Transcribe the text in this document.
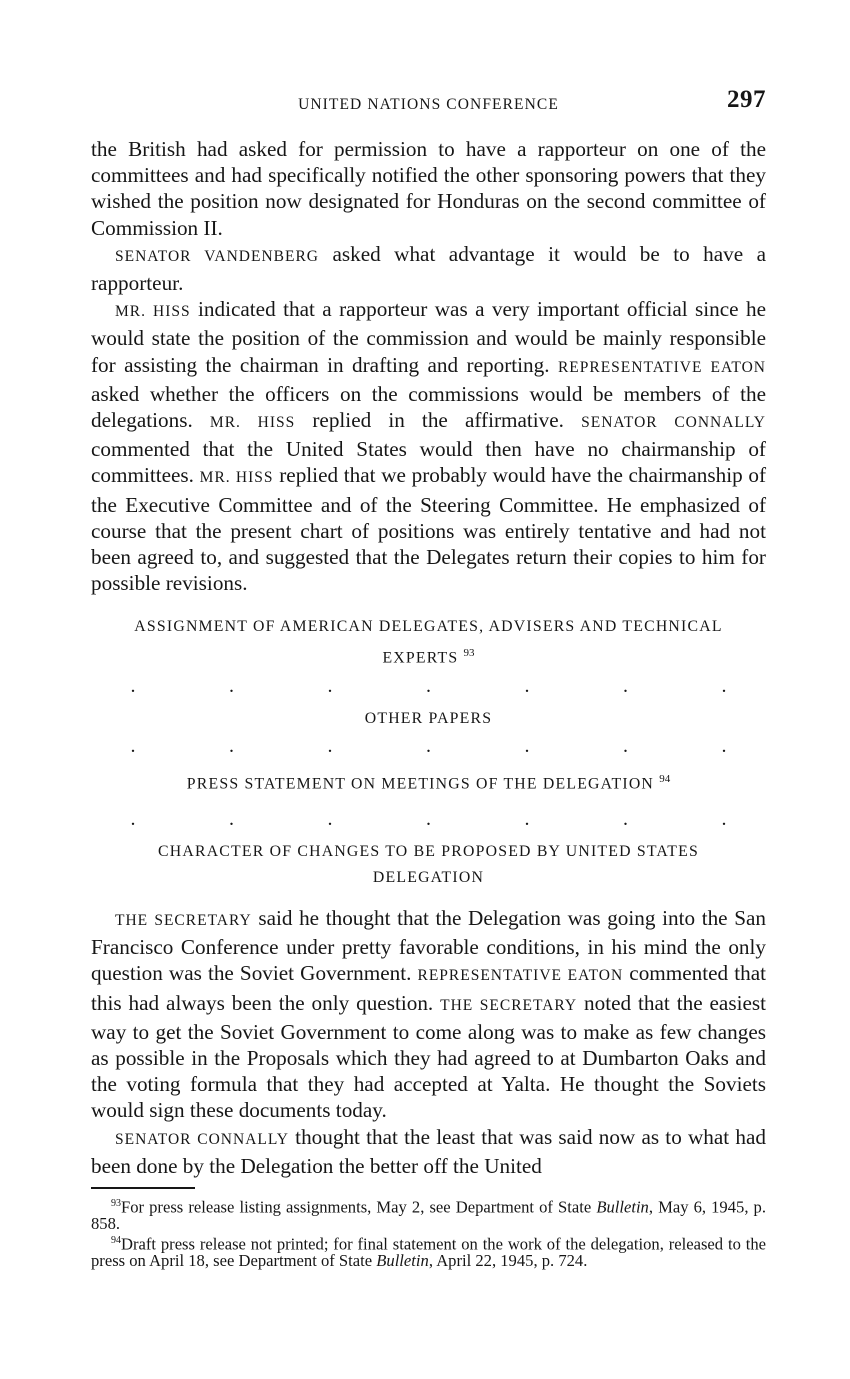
UNITED NATIONS CONFERENCE	297

the British had asked for permission to have a rapporteur on one of the committees and had specifically notified the other sponsoring powers that they wished the position now designated for Honduras on the second committee of Commission II.

SENATOR VANDENBERG asked what advantage it would be to have a rapporteur.

MR. HISS indicated that a rapporteur was a very important official since he would state the position of the commission and would be mainly responsible for assisting the chairman in drafting and reporting. REPRESENTATIVE EATON asked whether the officers on the commissions would be members of the delegations. MR. HISS replied in the affirmative. SENATOR CONNALLY commented that the United States would then have no chairmanship of committees. MR. HISS replied that we probably would have the chairmanship of the Executive Committee and of the Steering Committee. He emphasized of course that the present chart of positions was entirely tentative and had not been agreed to, and suggested that the Delegates return their copies to him for possible revisions.

ASSIGNMENT OF AMERICAN DELEGATES, ADVISERS AND TECHNICAL
EXPERTS $^{93}$
.	.	.	.	.	.	.
OTHER PAPERS
.	.	.	.	.	.	.
PRESS STATEMENT ON MEETINGS OF THE DELEGATION $^{94}$
.	.	.	.	.	.	.
CHARACTER OF CHANGES TO BE PROPOSED BY UNITED STATES
DELEGATION

THE SECRETARY said he thought that the Delegation was going into the San Francisco Conference under pretty favorable conditions, in his mind the only question was the Soviet Government. REPRESENTATIVE EATON commented that this had always been the only question. THE SECRETARY noted that the easiest way to get the Soviet Government to come along was to make as few changes as possible in the Proposals which they had agreed to at Dumbarton Oaks and the voting formula that they had accepted at Yalta. He thought the Soviets would sign these documents today.

SENATOR CONNALLY thought that the least that was said now as to what had been done by the Delegation the better off the United

$^{93}$For press release listing assignments, May 2, see Department of State Bulletin, May 6, 1945, p. 858.

$^{94}$Draft press release not printed; for final statement on the work of the delegation, released to the press on April 18, see Department of State Bulletin, April 22, 1945, p. 724.
